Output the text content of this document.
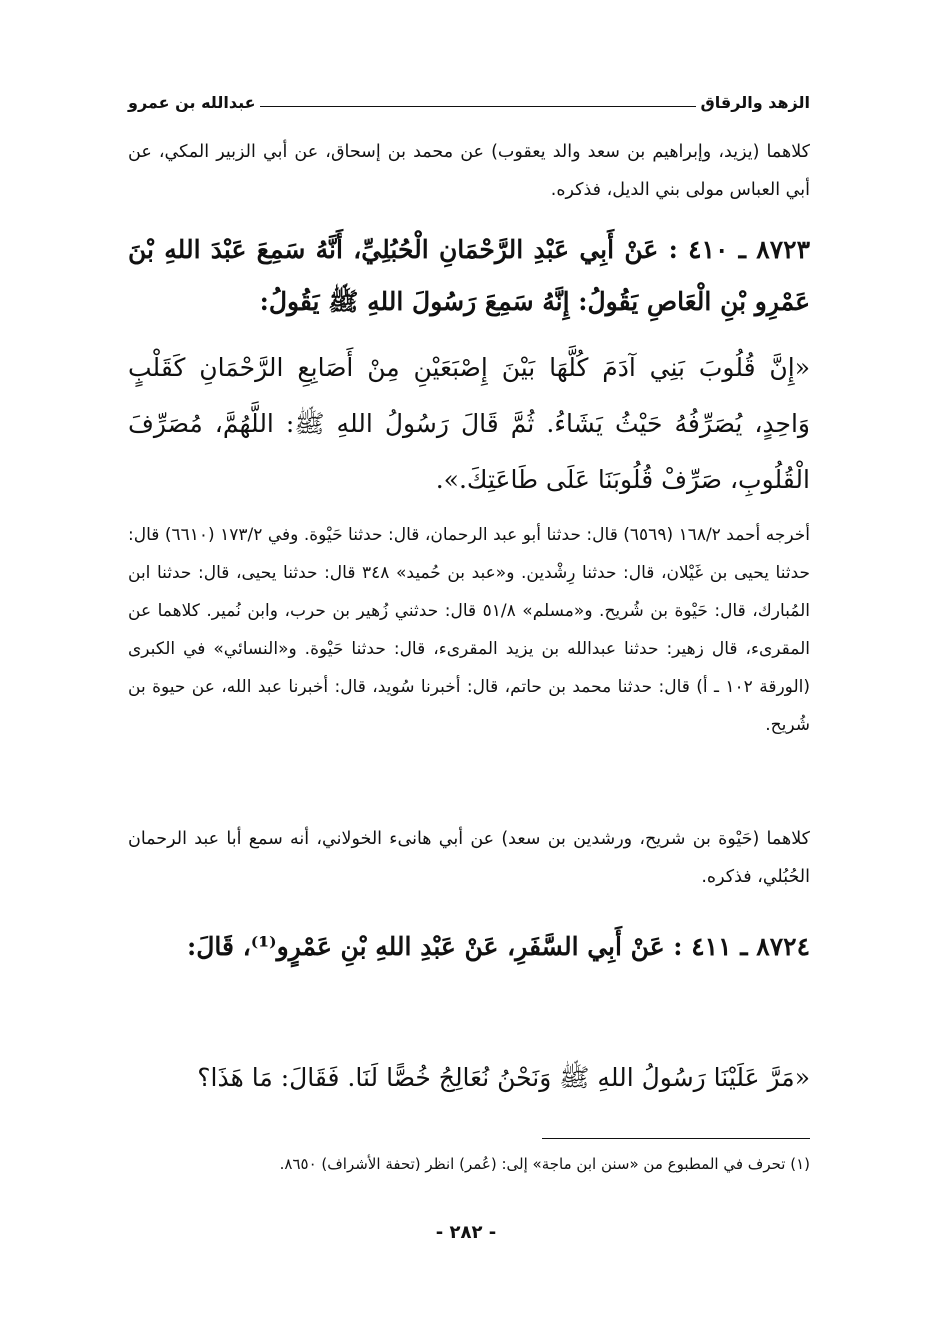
الزهد والرقاق
عبدالله بن عمرو

كلاهما (يزيد، وإبراهيم بن سعد والد يعقوب) عن محمد بن إسحاق، عن أبي الزبير المكي، عن أبي العباس مولى بني الديل، فذكره.

٨٧٢٣ ـ ٤١٠ : عَنْ أَبِي عَبْدِ الرَّحْمَانِ الْحُبُلِيِّ، أَنَّهُ سَمِعَ عَبْدَ اللهِ بْنَ عَمْرِو بْنِ الْعَاصِ يَقُولُ: إِنَّهُ سَمِعَ رَسُولَ اللهِ ﷺ يَقُولُ:

«إِنَّ قُلُوبَ بَنِي آدَمَ كُلَّهَا بَيْنَ إِصْبَعَيْنِ مِنْ أَصَابِعِ الرَّحْمَانِ كَقَلْبٍ وَاحِدٍ، يُصَرِّفُهُ حَيْثُ يَشَاءُ. ثُمَّ قَالَ رَسُولُ اللهِ ﷺ: اللَّهُمَّ، مُصَرِّفَ الْقُلُوبِ، صَرِّفْ قُلُوبَنَا عَلَى طَاعَتِكَ.».

أخرجه أحمد ١٦٨/٢ (٦٥٦٩) قال: حدثنا أبو عبد الرحمان، قال: حدثنا حَيْوة. وفي ١٧٣/٢ (٦٦١٠) قال: حدثنا يحيى بن غَيْلان، قال: حدثنا رِشْدين. و«عبد بن حُميد» ٣٤٨ قال: حدثنا يحيى، قال: حدثنا ابن المُبارك، قال: حَيْوة بن شُريح. و«مسلم» ٥١/٨ قال: حدثني زُهير بن حرب، وابن نُمير. كلاهما عن المقرىء، قال زهير: حدثنا عبدالله بن يزيد المقرىء، قال: حدثنا حَيْوة. و«النسائي» في الكبرى (الورقة ١٠٢ ـ أ) قال: حدثنا محمد بن حاتم، قال: أخبرنا سُويد، قال: أخبرنا عبد الله، عن حيوة بن شُريح.

كلاهما (حَيْوة بن شريح، ورشدين بن سعد) عن أبي هانىء الخولاني، أنه سمع أبا عبد الرحمان الحُبُلي، فذكره.

٨٧٢٤ ـ ٤١١ : عَنْ أَبِي السَّفَرِ، عَنْ عَبْدِ اللهِ بْنِ عَمْرٍو⁽¹⁾، قَالَ:

«مَرَّ عَلَيْنَا رَسُولُ اللهِ ﷺ وَنَحْنُ نُعَالِجُ خُصًّا لَنَا. فَقَالَ: مَا هَذَا؟

(١) تحرف في المطبوع من «سنن ابن ماجة» إلى: (عُمر) انظر (تحفة الأشراف) ٨٦٥٠.

- ٢٨٢ -
